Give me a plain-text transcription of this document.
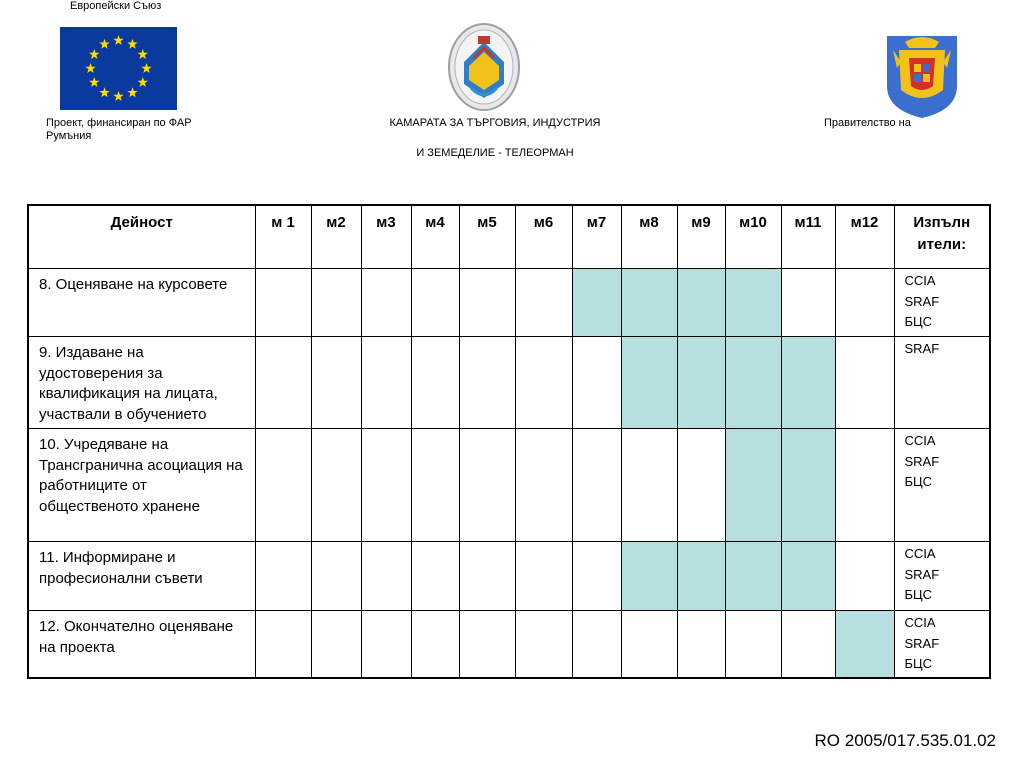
Европейски Съюз
Проект, финансиран по ФАР
Румъния
КАМАРАТА ЗА ТЪРГОВИЯ, ИНДУСТРИЯ
И ЗЕМЕДЕЛИЕ - ТЕЛЕОРМАН
Правителство на
Дейност	м 1	м2	м3	м4	м5	м6	м7	м8	м9	м10	м11	м12	Изпълн
ители:

8. Оценяване на курсовете													CCIA
SRAF
БЦС

9. Издаване на удостоверения за квалификация на лицата, участвали в обучението													SRAF

10. Учредяване на Трансгранична асоциация на работниците от общественото хранене													CCIA
SRAF
БЦС

11. Информиране и професионални съвети													CCIA
SRAF
БЦС

12. Окончателно оценяване на проекта													CCIA
SRAF
БЦС
RO 2005/017.535.01.02
